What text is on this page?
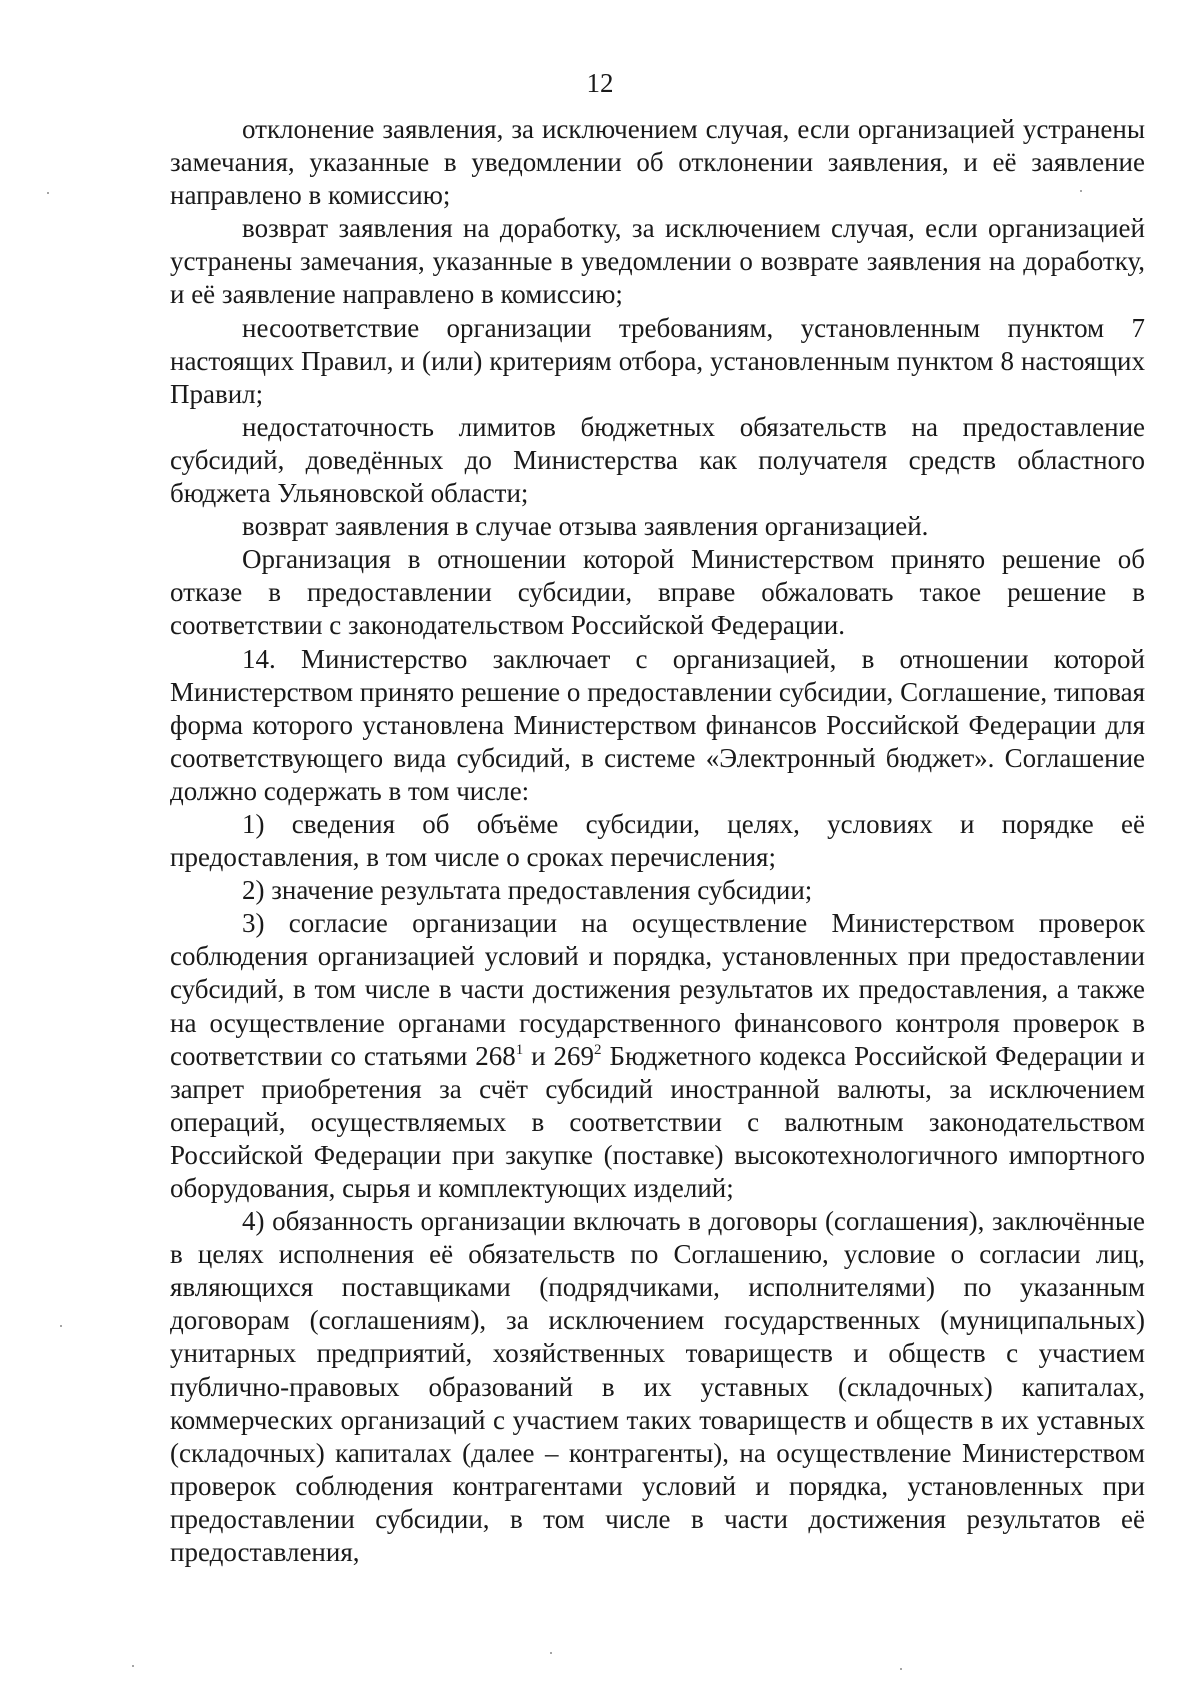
12

отклонение заявления, за исключением случая, если организацией устранены замечания, указанные в уведомлении об отклонении заявления, и её заявление направлено в комиссию;

возврат заявления на доработку, за исключением случая, если организацией устранены замечания, указанные в уведомлении о возврате заявления на доработку, и её заявление направлено в комиссию;

несоответствие организации требованиям, установленным пунктом 7 настоящих Правил, и (или) критериям отбора, установленным пунктом 8 настоящих Правил;

недостаточность лимитов бюджетных обязательств на предоставление субсидий, доведённых до Министерства как получателя средств областного бюджета Ульяновской области;

возврат заявления в случае отзыва заявления организацией.

Организация в отношении которой Министерством принято решение об отказе в предоставлении субсидии, вправе обжаловать такое решение в соответствии с законодательством Российской Федерации.

14. Министерство заключает с организацией, в отношении которой Министерством принято решение о предоставлении субсидии, Соглашение, типовая форма которого установлена Министерством финансов Российской Федерации для соответствующего вида субсидий, в системе «Электронный бюджет». Соглашение должно содержать в том числе:

1) сведения об объёме субсидии, целях, условиях и порядке её предоставления, в том числе о сроках перечисления;

2) значение результата предоставления субсидии;

3) согласие организации на осуществление Министерством проверок соблюдения организацией условий и порядка, установленных при предоставлении субсидий, в том числе в части достижения результатов их предоставления, а также на осуществление органами государственного финансового контроля проверок в соответствии со статьями $268^1$ и $269^2$ Бюджетного кодекса Российской Федерации и запрет приобретения за счёт субсидий иностранной валюты, за исключением операций, осуществляемых в соответствии с валютным законодательством Российской Федерации при закупке (поставке) высокотехнологичного импортного оборудования, сырья и комплектующих изделий;

4) обязанность организации включать в договоры (соглашения), заключённые в целях исполнения её обязательств по Соглашению, условие о согласии лиц, являющихся поставщиками (подрядчиками, исполнителями) по указанным договорам (соглашениям), за исключением государственных (муниципальных) унитарных предприятий, хозяйственных товариществ и обществ с участием публично-правовых образований в их уставных (складочных) капиталах, коммерческих организаций с участием таких товариществ и обществ в их уставных (складочных) капиталах (далее – контрагенты), на осуществление Министерством проверок соблюдения контрагентами условий и порядка, установленных при предоставлении субсидии, в том числе в части достижения результатов её предоставления,
